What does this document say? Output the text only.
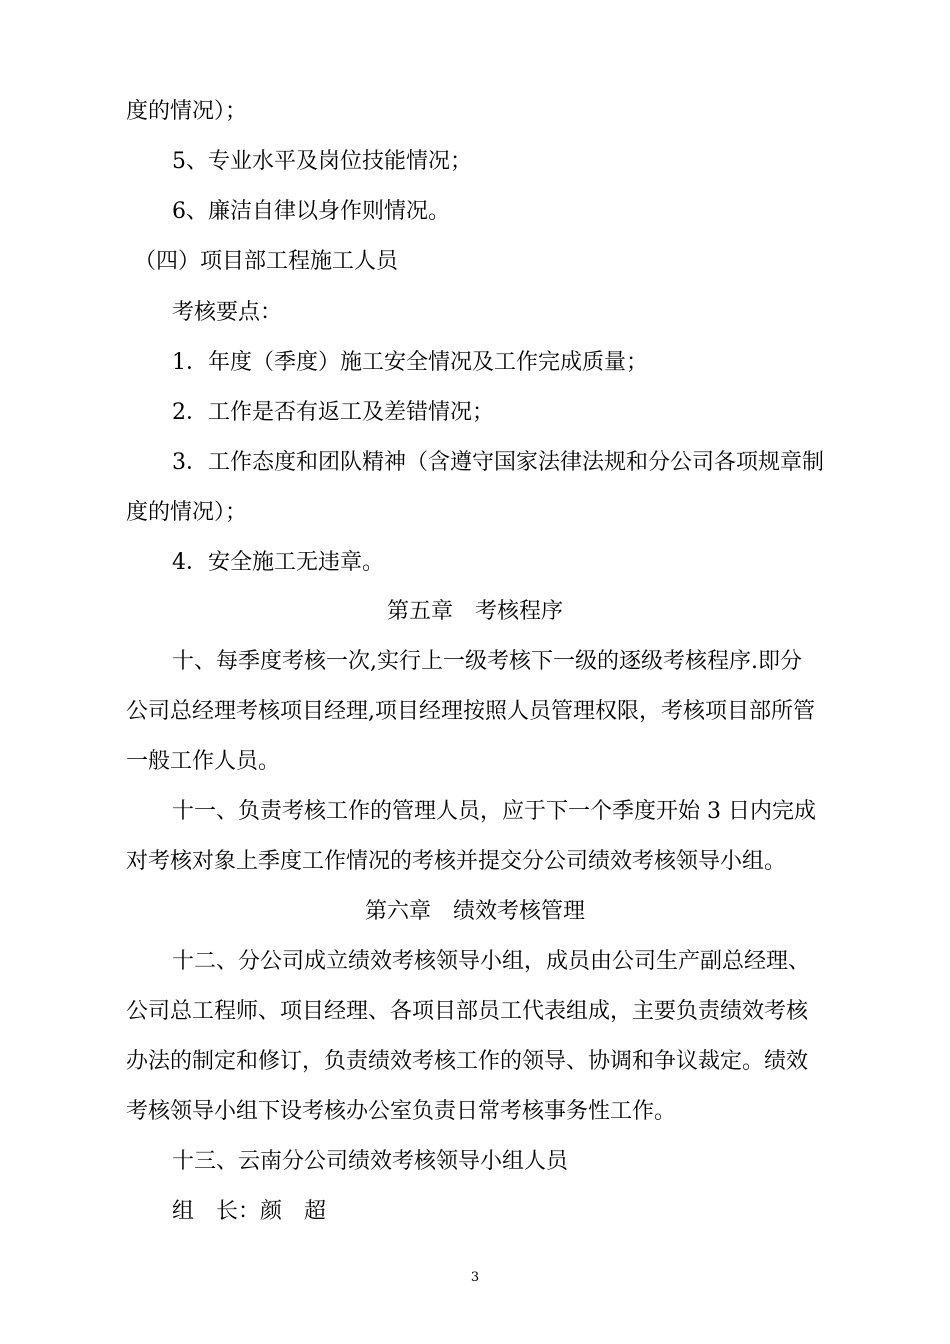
度的情况）；
5、专业水平及岗位技能情况；
6、廉洁自律以身作则情况。
（四）项目部工程施工人员
考核要点：
1．年度（季度）施工安全情况及工作完成质量；
2．工作是否有返工及差错情况；
3．工作态度和团队精神（含遵守国家法律法规和分公司各项规章制
度的情况）；
4．安全施工无违章。
第五章　考核程序
十、每季度考核一次,实行上一级考核下一级的逐级考核程序.即分
公司总经理考核项目经理,项目经理按照人员管理权限，考核项目部所管
一般工作人员。
十一、负责考核工作的管理人员，应于下一个季度开始 3 日内完成
对考核对象上季度工作情况的考核并提交分公司绩效考核领导小组。
第六章　绩效考核管理
十二、分公司成立绩效考核领导小组，成员由公司生产副总经理、
公司总工程师、项目经理、各项目部员工代表组成，主要负责绩效考核
办法的制定和修订，负责绩效考核工作的领导、协调和争议裁定。绩效
考核领导小组下设考核办公室负责日常考核事务性工作。
十三、云南分公司绩效考核领导小组人员
组　长：颜　超
3
